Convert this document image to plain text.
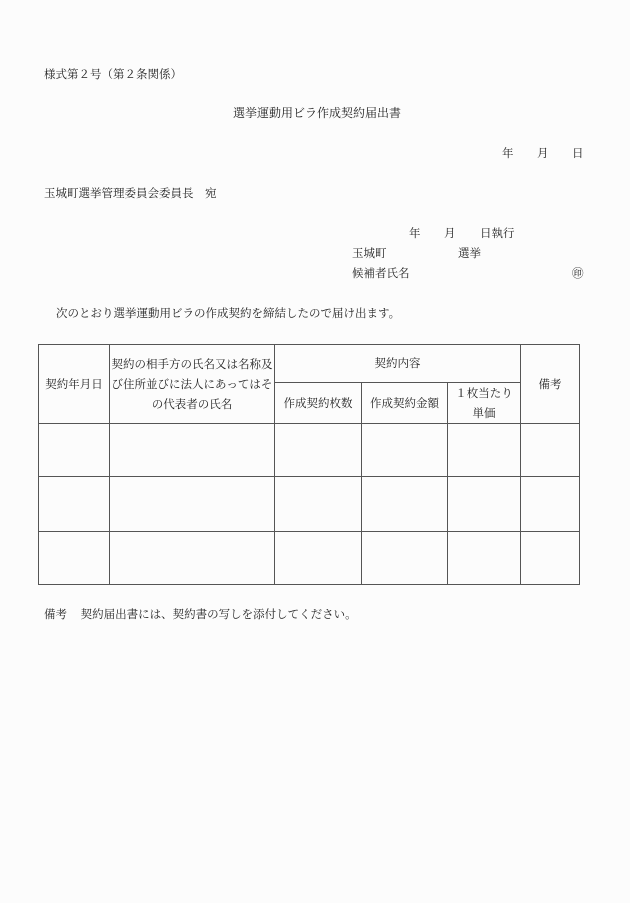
様式第２号（第２条関係）
選挙運動用ビラ作成契約届出書
年 月 日
玉城町選挙管理委員会委員長　宛
年 月 日執行
玉城町	選挙
候補者氏名	㊞
次のとおり選挙運動用ビラの作成契約を締結したので届け出ます。
契約年月日	契約の相手方の氏名又は名称及び住所並びに法人にあってはその代表者の氏名	契約内容			備考
		作成契約枚数	作成契約金額	１枚当たり
単価	

備考 契約届出書には、契約書の写しを添付してください。
